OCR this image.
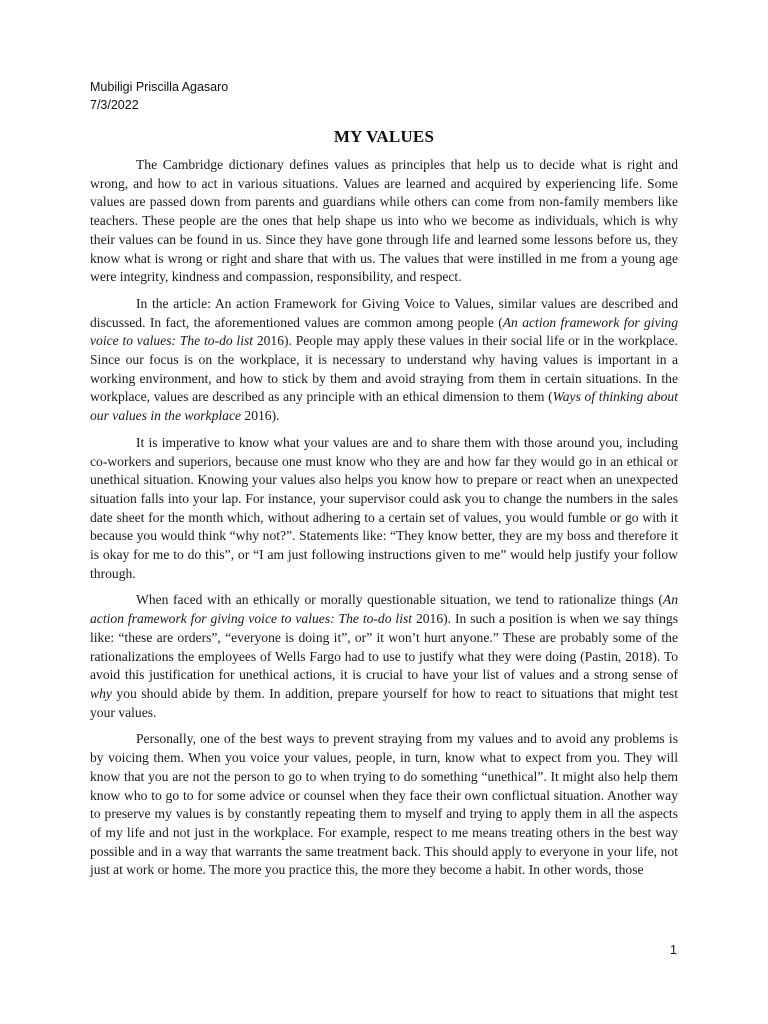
Mubiligi Priscilla Agasaro
7/3/2022
MY VALUES

The Cambridge dictionary defines values as principles that help us to decide what is right and wrong, and how to act in various situations. Values are learned and acquired by experiencing life. Some values are passed down from parents and guardians while others can come from non-family members like teachers. These people are the ones that help shape us into who we become as individuals, which is why their values can be found in us. Since they have gone through life and learned some lessons before us, they know what is wrong or right and share that with us. The values that were instilled in me from a young age were integrity, kindness and compassion, responsibility, and respect.

In the article: An action Framework for Giving Voice to Values, similar values are described and discussed. In fact, the aforementioned values are common among people (An action framework for giving voice to values: The to-do list 2016). People may apply these values in their social life or in the workplace. Since our focus is on the workplace, it is necessary to understand why having values is important in a working environment, and how to stick by them and avoid straying from them in certain situations. In the workplace, values are described as any principle with an ethical dimension to them (Ways of thinking about our values in the workplace 2016).

It is imperative to know what your values are and to share them with those around you, including co-workers and superiors, because one must know who they are and how far they would go in an ethical or unethical situation. Knowing your values also helps you know how to prepare or react when an unexpected situation falls into your lap. For instance, your supervisor could ask you to change the numbers in the sales date sheet for the month which, without adhering to a certain set of values, you would fumble or go with it because you would think “why not?”. Statements like: “They know better, they are my boss and therefore it is okay for me to do this”, or “I am just following instructions given to me” would help justify your follow through.

When faced with an ethically or morally questionable situation, we tend to rationalize things (An action framework for giving voice to values: The to-do list 2016). In such a position is when we say things like: “these are orders”, “everyone is doing it”, or” it won’t hurt anyone.” These are probably some of the rationalizations the employees of Wells Fargo had to use to justify what they were doing (Pastin, 2018). To avoid this justification for unethical actions, it is crucial to have your list of values and a strong sense of why you should abide by them. In addition, prepare yourself for how to react to situations that might test your values.

Personally, one of the best ways to prevent straying from my values and to avoid any problems is by voicing them. When you voice your values, people, in turn, know what to expect from you. They will know that you are not the person to go to when trying to do something “unethical”. It might also help them know who to go to for some advice or counsel when they face their own conflictual situation. Another way to preserve my values is by constantly repeating them to myself and trying to apply them in all the aspects of my life and not just in the workplace. For example, respect to me means treating others in the best way possible and in a way that warrants the same treatment back. This should apply to everyone in your life, not just at work or home. The more you practice this, the more they become a habit. In other words, those

1
